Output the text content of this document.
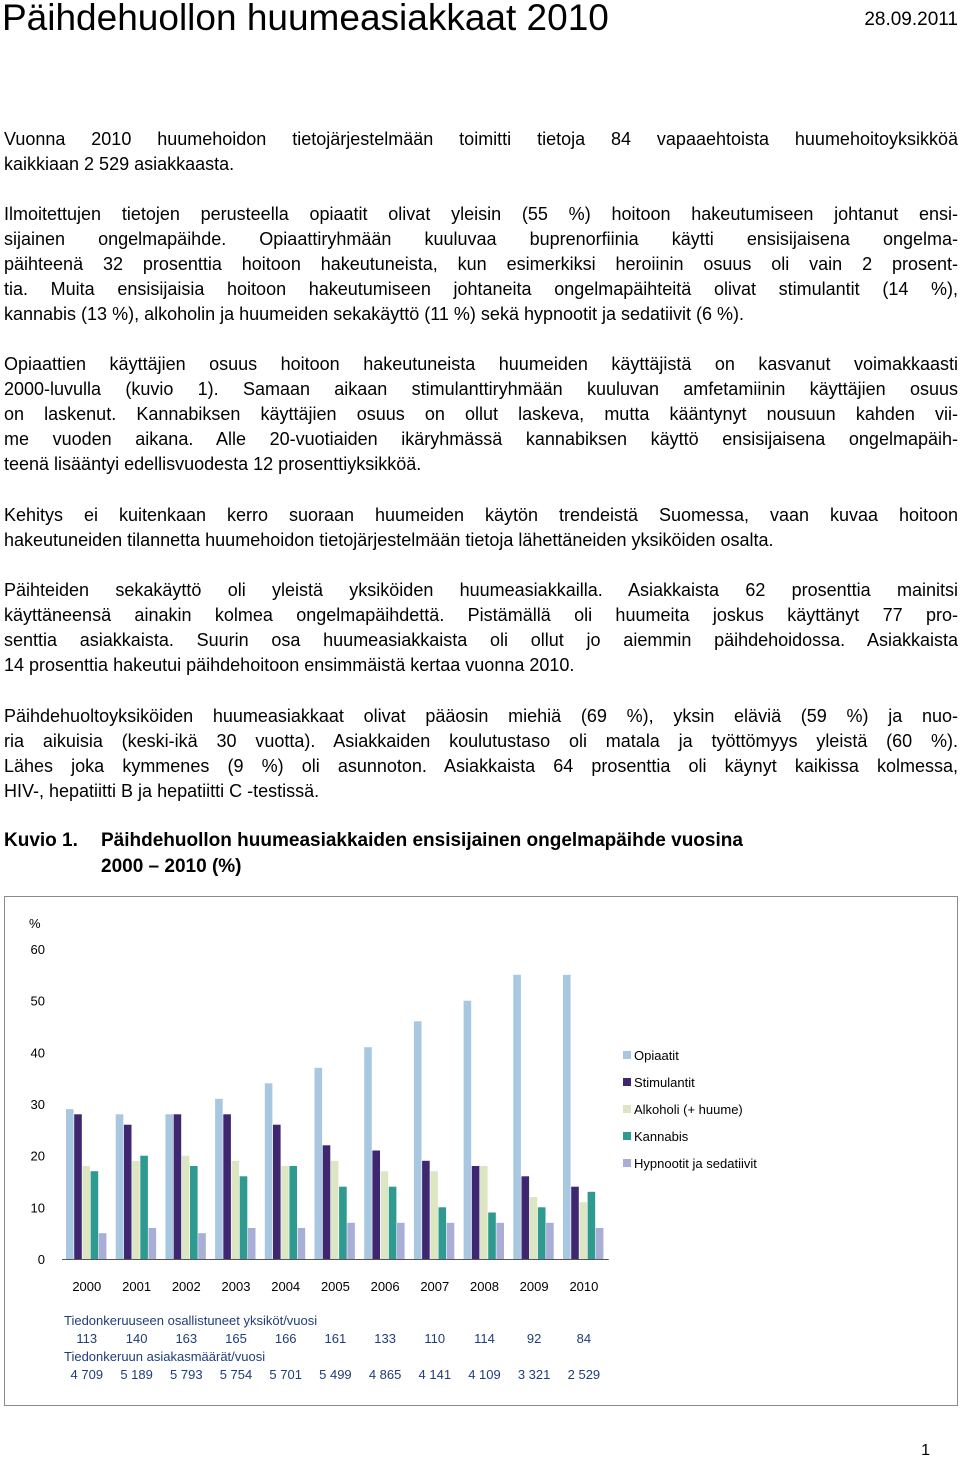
Päihdehuollon huumeasiakkaat 2010	28.09.2011
Vuonna 2010 huumehoidon tietojärjestelmään toimitti tietoja 84 vapaaehtoista huumehoitoyksikköä
kaikkiaan 2 529 asiakkaasta.
Ilmoitettujen tietojen perusteella opiaatit olivat yleisin (55 %) hoitoon hakeutumiseen johtanut ensi-
sijainen ongelmapäihde. Opiaattiryhmään kuuluvaa buprenorfiinia käytti ensisijaisena ongelma-
päihteenä 32 prosenttia hoitoon hakeutuneista, kun esimerkiksi heroiinin osuus oli vain 2 prosent-
tia. Muita ensisijaisia hoitoon hakeutumiseen johtaneita ongelmapäihteitä olivat stimulantit (14 %),
kannabis (13 %), alkoholin ja huumeiden sekakäyttö (11 %) sekä hypnootit ja sedatiivit (6 %).
Opiaattien käyttäjien osuus hoitoon hakeutuneista huumeiden käyttäjistä on kasvanut voimakkaasti
2000-luvulla (kuvio 1). Samaan aikaan stimulanttiryhmään kuuluvan amfetamiinin käyttäjien osuus
on laskenut. Kannabiksen käyttäjien osuus on ollut laskeva, mutta kääntynyt nousuun kahden vii-
me vuoden aikana. Alle 20-vuotiaiden ikäryhmässä kannabiksen käyttö ensisijaisena ongelmapäih-
teenä lisääntyi edellisvuodesta 12 prosenttiyksikköä.
Kehitys ei kuitenkaan kerro suoraan huumeiden käytön trendeistä Suomessa, vaan kuvaa hoitoon
hakeutuneiden tilannetta huumehoidon tietojärjestelmään tietoja lähettäneiden yksiköiden osalta.
Päihteiden sekakäyttö oli yleistä yksiköiden huumeasiakkailla. Asiakkaista 62 prosenttia mainitsi
käyttäneensä ainakin kolmea ongelmapäihdettä. Pistämällä oli huumeita joskus käyttänyt 77 pro-
senttia asiakkaista. Suurin osa huumeasiakkaista oli ollut jo aiemmin päihdehoidossa. Asiakkaista
14 prosenttia hakeutui päihdehoitoon ensimmäistä kertaa vuonna 2010.
Päihdehuoltoyksiköiden huumeasiakkaat olivat pääosin miehiä (69 %), yksin eläviä (59 %) ja nuo-
ria aikuisia (keski-ikä 30 vuotta). Asiakkaiden koulutustaso oli matala ja työttömyys yleistä (60 %).
Lähes joka kymmenes (9 %) oli asunnoton. Asiakkaista 64 prosenttia oli käynyt kaikissa kolmessa,
HIV-, hepatiitti B ja hepatiitti C -testissä.
Kuvio 1. Päihdehuollon huumeasiakkaiden ensisijainen ongelmapäihde vuosina
2000 – 2010 (%)
%
0
10
20
30
40
50
60
2000 2001 2002 2003 2004 2005 2006 2007 2008 2009 2010
Opiaatit
Stimulantit
Alkoholi (+ huume)
Kannabis
Hypnootit ja sedatiivit
Tiedonkeruuseen osallistuneet yksiköt/vuosi
113 140 163 165 166 161 133 110 114 92	84
Tiedonkeruun asiakasmäärät/vuosi
4 709 5 189 5 793 5 754 5 701 5 499 4 865 4 141 4 109 3 321 2 529
1
